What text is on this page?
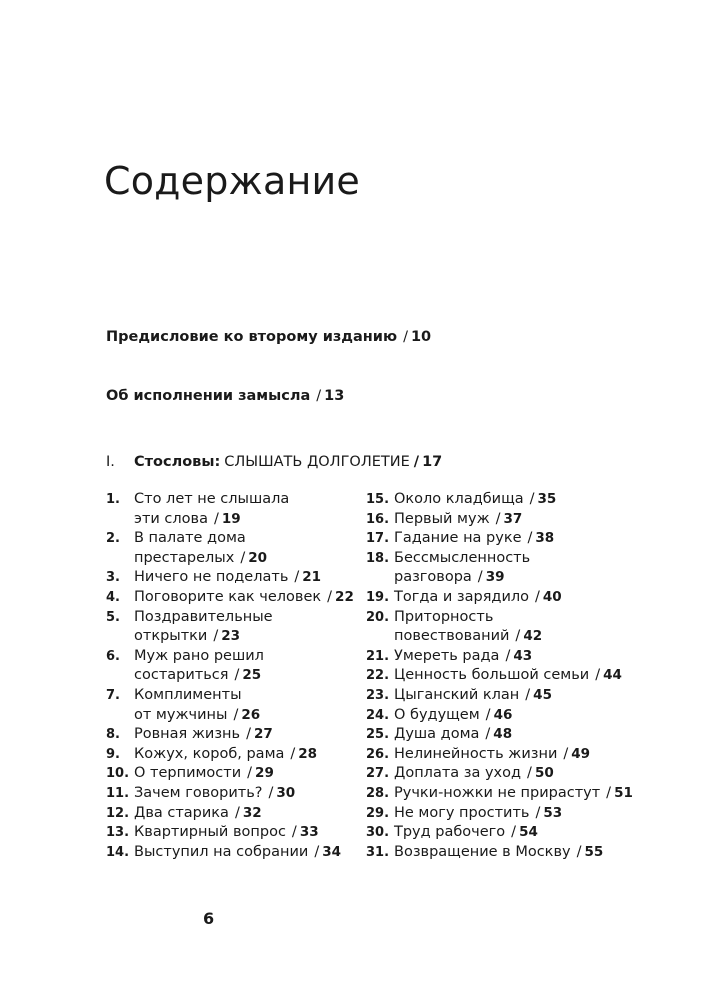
Содержание

Предисловие ко второму изданию / 10

Об исполнении замысла / 13

I. Стословы: СЛЫШАТЬ ДОЛГОЛЕТИЕ / 17

1. Сто лет не слышала
эти слова / 19
2. В палате дома
престарелых / 20
3. Ничего не поделать / 21
4. Поговорите как человек / 22
5. Поздравительные
открытки / 23
6. Муж рано решил
состариться / 25
7. Комплименты
от мужчины / 26
8. Ровная жизнь / 27
9. Кожух, короб, рама / 28
10. О терпимости / 29
11. Зачем говорить? / 30
12. Два старика / 32
13. Квартирный вопрос / 33
14. Выступил на собрании / 34
15. Около кладбища / 35
16. Первый муж / 37
17. Гадание на руке / 38
18. Бессмысленность
разговора / 39
19. Тогда и зарядило / 40
20. Приторность
повествований / 42
21. Умереть рада / 43
22. Ценность большой семьи / 44
23. Цыганский клан / 45
24. О будущем / 46
25. Душа дома / 48
26. Нелинейность жизни / 49
27. Доплата за уход / 50
28. Ручки-ножки не прирастут / 51
29. Не могу простить / 53
30. Труд рабочего / 54
31. Возвращение в Москву / 55

6
